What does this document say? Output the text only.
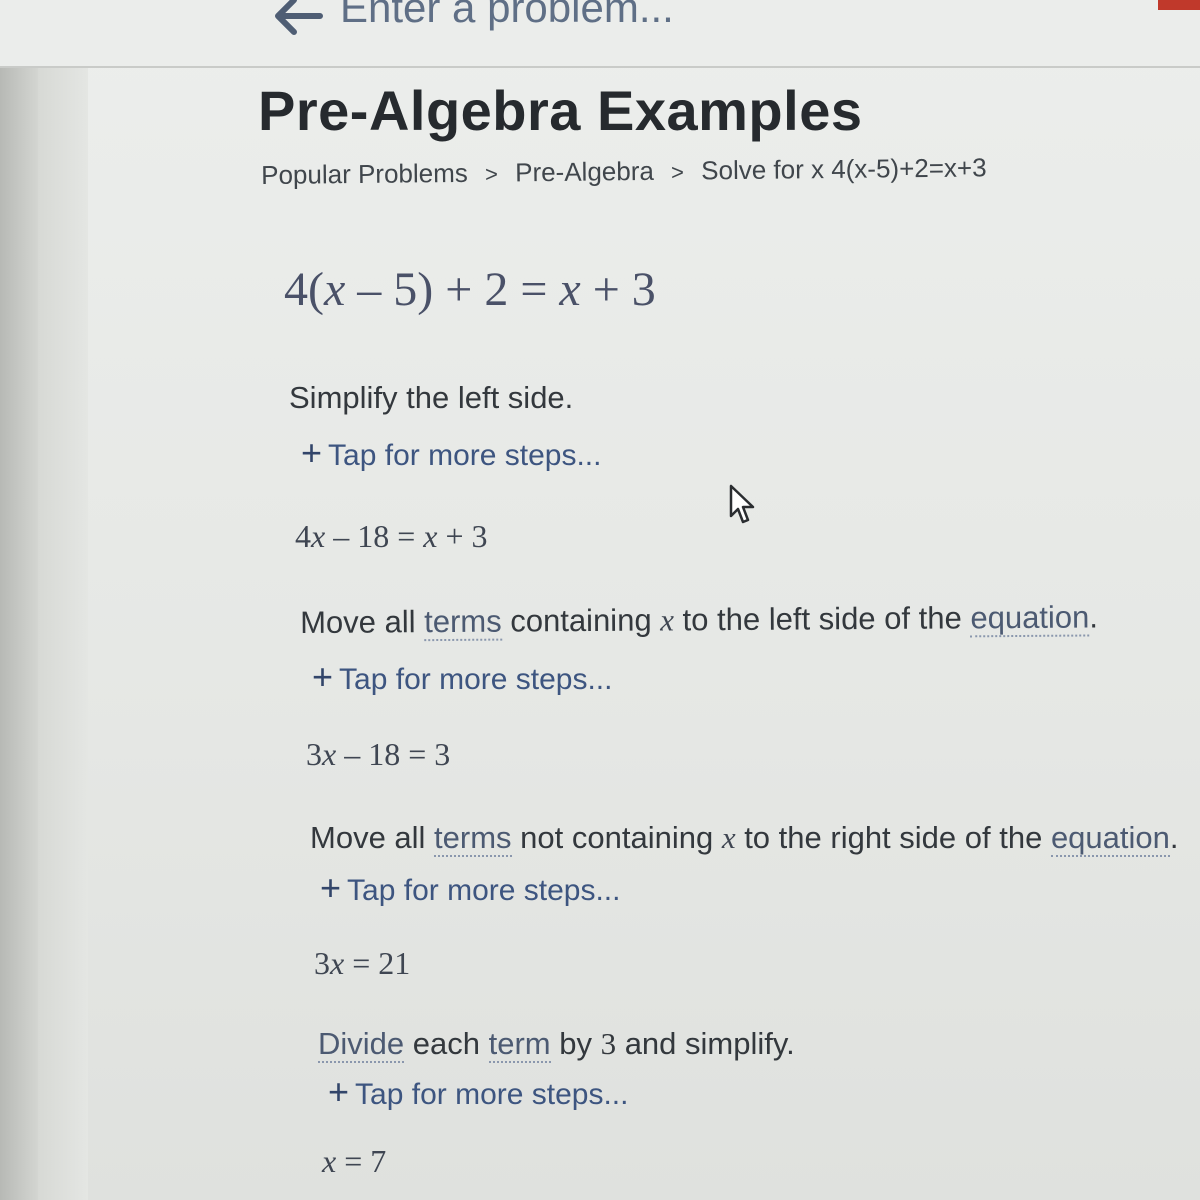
Enter a problem...
Pre-Algebra Examples
Popular Problems > Pre-Algebra > Solve for x 4(x-5)+2=x+3
4(x – 5) + 2 = x + 3
Simplify the left side.
+ Tap for more steps...
4x – 18 = x + 3
Move all terms containing x to the left side of the equation.
+ Tap for more steps...
3x – 18 = 3
Move all terms not containing x to the right side of the equation.
+ Tap for more steps...
3x = 21
Divide each term by 3 and simplify.
+ Tap for more steps...
x = 7
